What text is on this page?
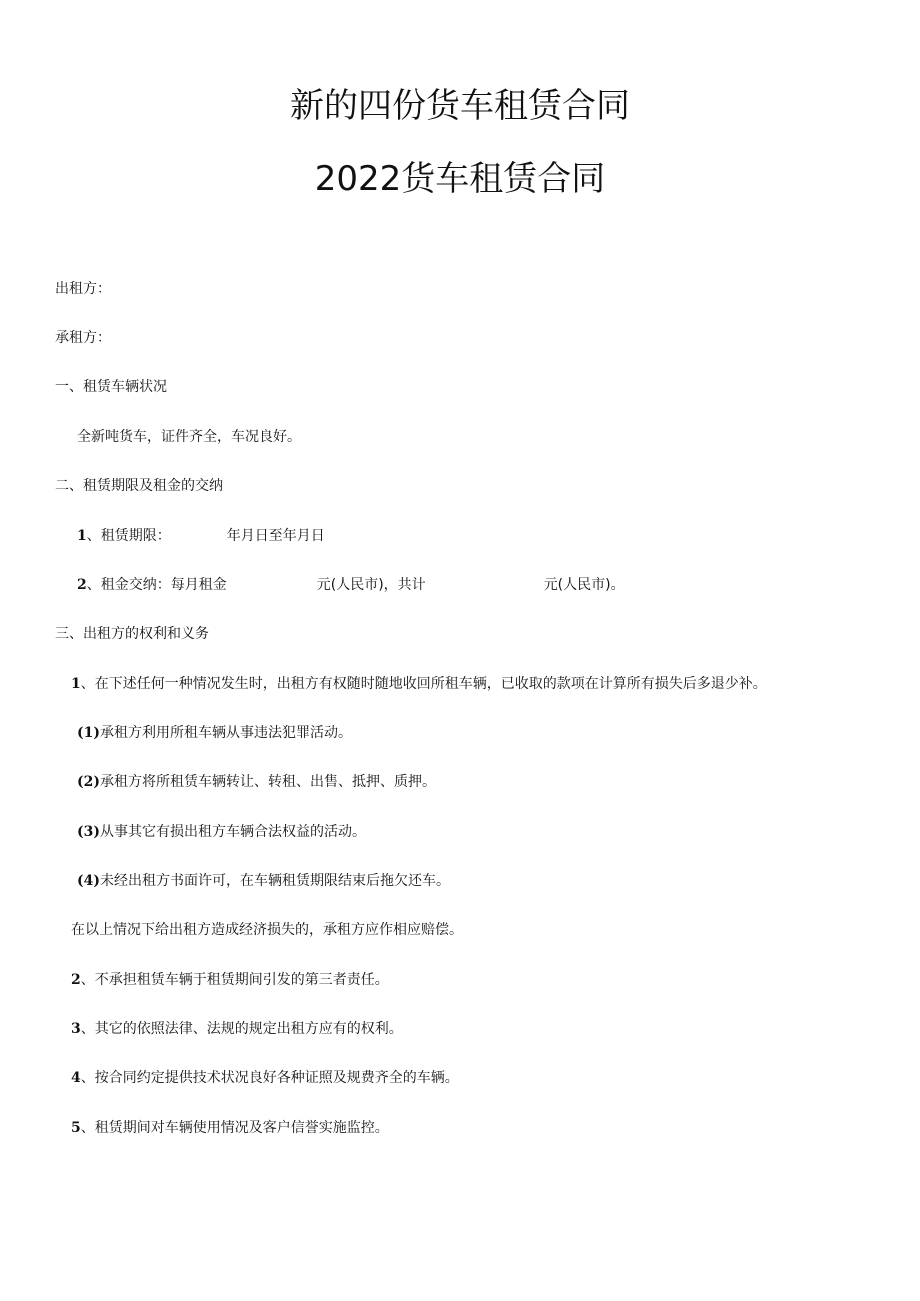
新的四份货车租赁合同
2022货车租赁合同
出租方：
承租方：
一、租赁车辆状况
全新吨货车，证件齐全，车况良好。
二、租赁期限及租金的交纳
1、租赁期限：	年月日至年月日
2、租金交纳：每月租金	元(人民市)，共计	元(人民市)。
三、出租方的权利和义务
1、在下述任何一种情况发生时，出租方有权随时随地收回所租车辆，已收取的款项在计算所有损失后多退少补。
(1)承租方利用所租车辆从事违法犯罪活动。
(2)承租方将所租赁车辆转让、转租、出售、抵押、质押。
(3)从事其它有损出租方车辆合法权益的活动。
(4)未经出租方书面许可，在车辆租赁期限结束后拖欠还车。
在以上情况下给出租方造成经济损失的，承租方应作相应赔偿。
2、不承担租赁车辆于租赁期间引发的第三者责任。
3、其它的依照法律、法规的规定出租方应有的权利。
4、按合同约定提供技术状况良好各种证照及规费齐全的车辆。
5、租赁期间对车辆使用情况及客户信誉实施监控。
